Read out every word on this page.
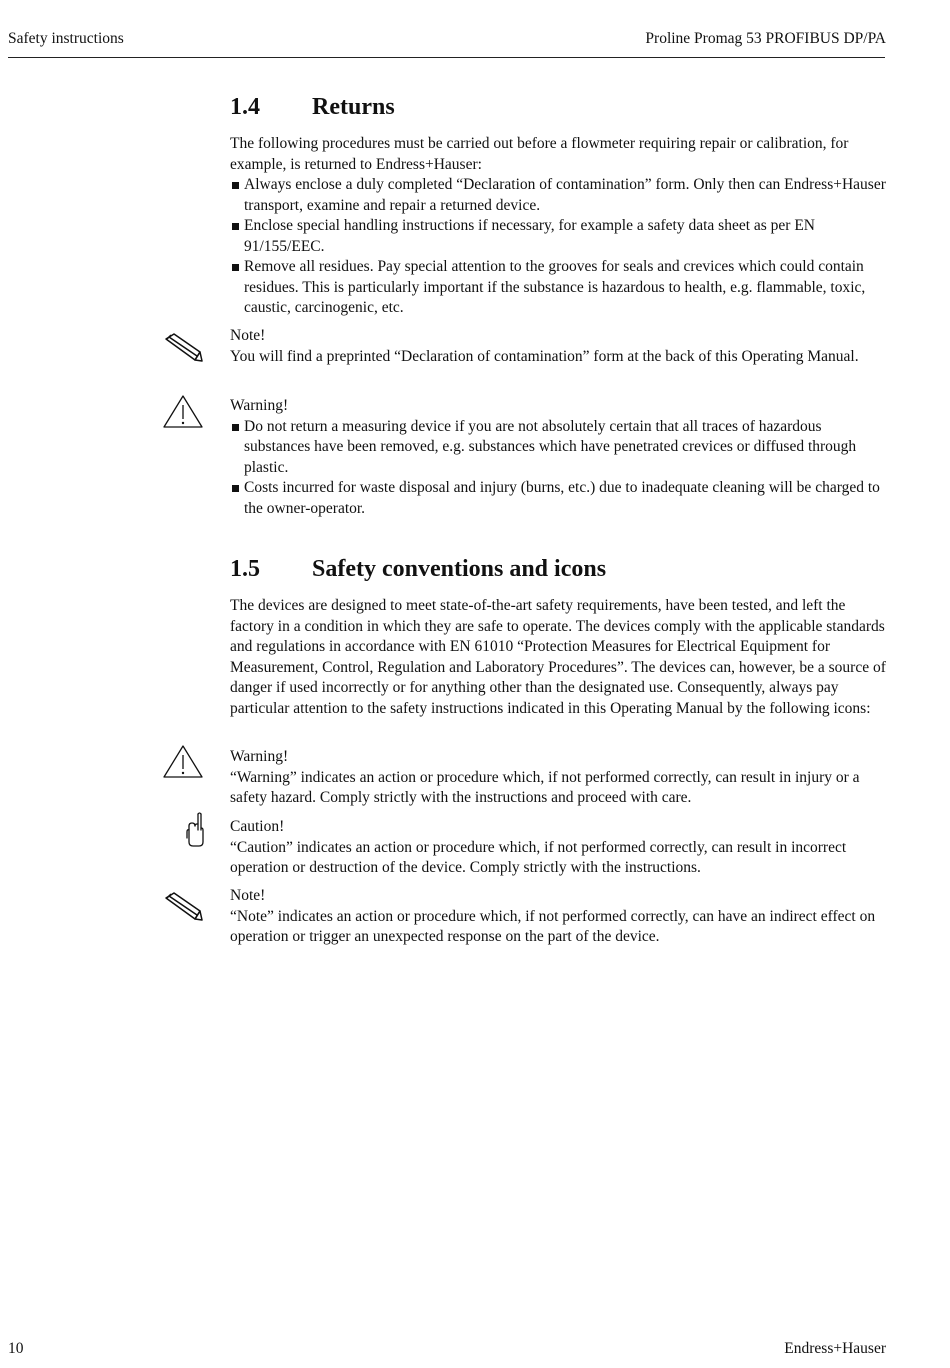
Safety instructions	Proline Promag 53 PROFIBUS DP/PA
1.4 Returns

The following procedures must be carried out before a flowmeter requiring repair or calibration, for example, is returned to Endress+Hauser:

Always enclose a duly completed “Declaration of contamination” form. Only then can Endress+Hauser transport, examine and repair a returned device.
Enclose special handling instructions if necessary, for example a safety data sheet as per EN 91/155/EEC.
Remove all residues. Pay special attention to the grooves for seals and crevices which could contain residues. This is particularly important if the substance is hazardous to health, e.g. flammable, toxic, caustic, carcinogenic, etc.

Note!

You will find a preprinted “Declaration of contamination” form at the back of this Operating Manual.

Warning!

Do not return a measuring device if you are not absolutely certain that all traces of hazardous substances have been removed, e.g. substances which have penetrated crevices or diffused through plastic.
Costs incurred for waste disposal and injury (burns, etc.) due to inadequate cleaning will be charged to the owner-operator.
1.5 Safety conventions and icons

The devices are designed to meet state-of-the-art safety requirements, have been tested, and left the factory in a condition in which they are safe to operate. The devices comply with the applicable standards and regulations in accordance with EN 61010 “Protection Measures for Electrical Equipment for Measurement, Control, Regulation and Laboratory Procedures”. The devices can, however, be a source of danger if used incorrectly or for anything other than the designated use. Consequently, always pay particular attention to the safety instructions indicated in this Operating Manual by the following icons:

Warning!

“Warning” indicates an action or procedure which, if not performed correctly, can result in injury or a safety hazard. Comply strictly with the instructions and proceed with care.

Caution!

“Caution” indicates an action or procedure which, if not performed correctly, can result in incorrect operation or destruction of the device. Comply strictly with the instructions.

Note!

“Note” indicates an action or procedure which, if not performed correctly, can have an indirect effect on operation or trigger an unexpected response on the part of the device.

10	Endress+Hauser
